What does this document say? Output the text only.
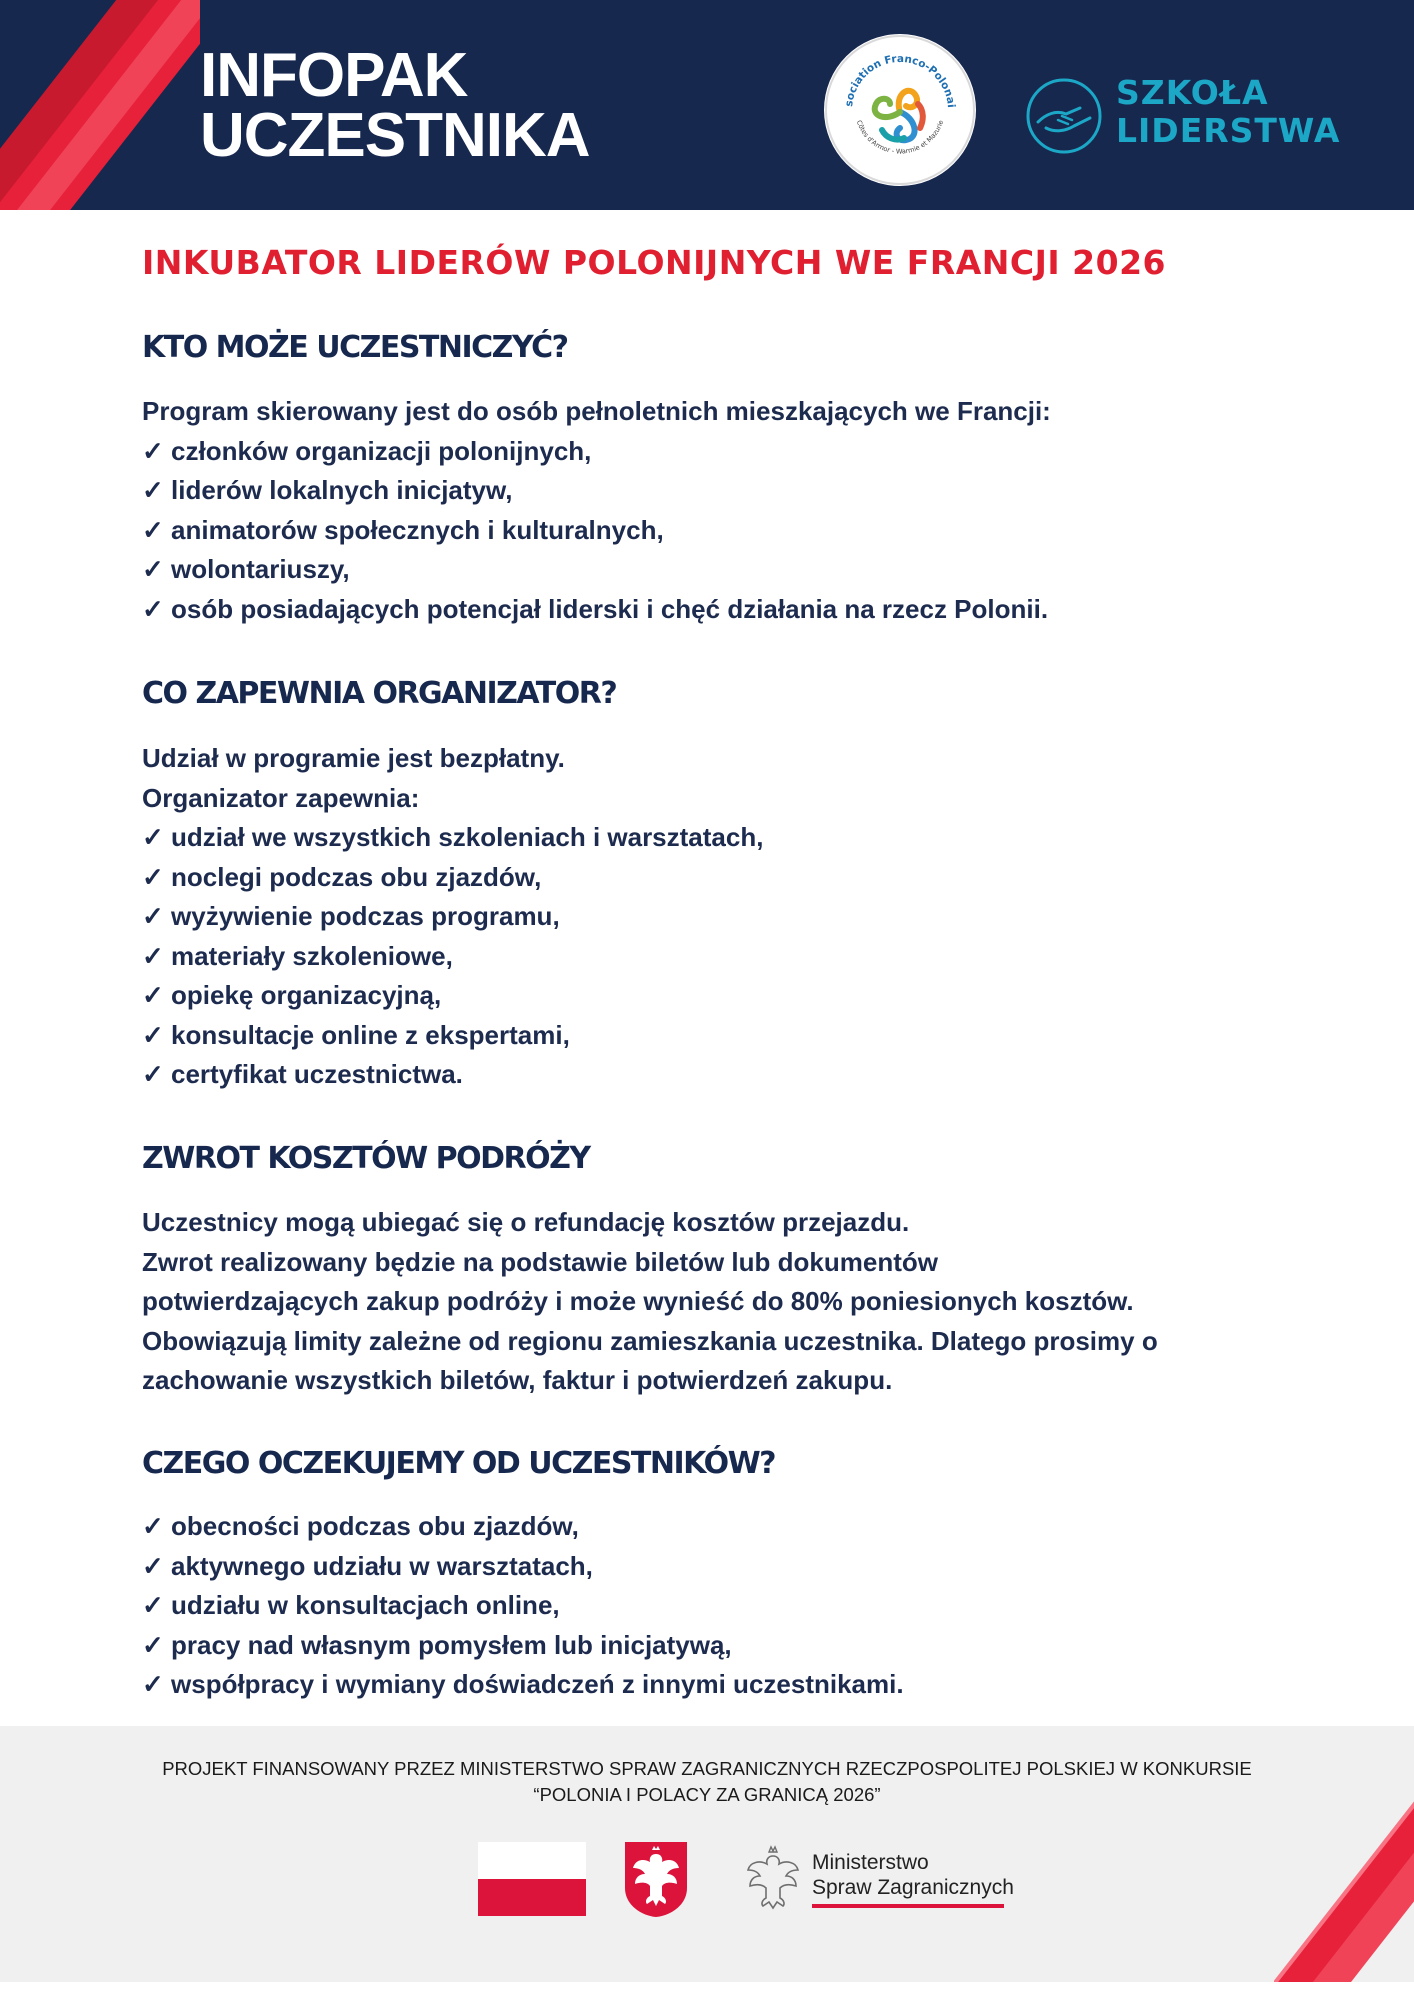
INFOPAK
UCZESTNIKA	sociation Franco-Polonai
Côtes d'Armor - Warmie et Mazurie
SZKOŁA
LIDERSTWA
INKUBATOR LIDERÓW POLONIJNYCH WE FRANCJI 2026
KTO MOŻE UCZESTNICZYĆ?

Program skierowany jest do osób pełnoletnich mieszkających we Francji:

✓ członków organizacji polonijnych,

✓ liderów lokalnych inicjatyw,

✓ animatorów społecznych i kulturalnych,

✓ wolontariuszy,

✓ osób posiadających potencjał liderski i chęć działania na rzecz Polonii.

CO ZAPEWNIA ORGANIZATOR?

Udział w programie jest bezpłatny.

Organizator zapewnia:

✓ udział we wszystkich szkoleniach i warsztatach,

✓ noclegi podczas obu zjazdów,

✓ wyżywienie podczas programu,

✓ materiały szkoleniowe,

✓ opiekę organizacyjną,

✓ konsultacje online z ekspertami,

✓ certyfikat uczestnictwa.

ZWROT KOSZTÓW PODRÓŻY

Uczestnicy mogą ubiegać się o refundację kosztów przejazdu.

Zwrot realizowany będzie na podstawie biletów lub dokumentów

potwierdzających zakup podróży i może wynieść do 80% poniesionych kosztów.

Obowiązują limity zależne od regionu zamieszkania uczestnika. Dlatego prosimy o

zachowanie wszystkich biletów, faktur i potwierdzeń zakupu.

CZEGO OCZEKUJEMY OD UCZESTNIKÓW?

✓ obecności podczas obu zjazdów,

✓ aktywnego udziału w warsztatach,

✓ udziału w konsultacjach online,

✓ pracy nad własnym pomysłem lub inicjatywą,

✓ współpracy i wymiany doświadczeń z innymi uczestnikami.

PROJEKT FINANSOWANY PRZEZ MINISTERSTWO SPRAW ZAGRANICZNYCH RZECZPOSPOLITEJ POLSKIEJ W KONKURSIE

“POLONIA I POLACY ZA GRANICĄ 2026”

Ministerstwo
Spraw Zagranicznych
